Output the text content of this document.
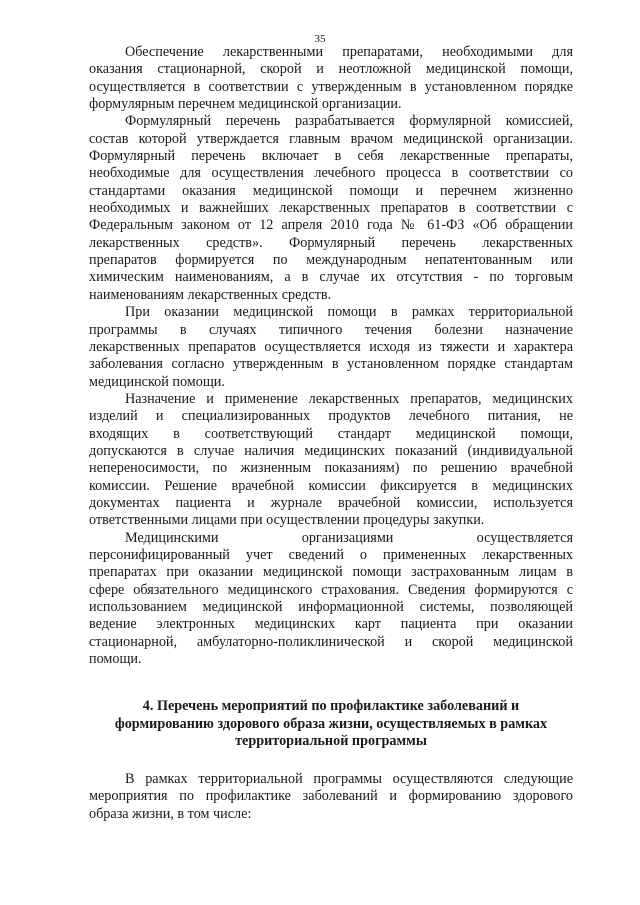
35

Обеспечение лекарственными препаратами, необходимыми для
оказания стационарной, скорой и неотложной медицинской помощи,
осуществляется в соответствии с утвержденным в установленном порядке
формулярным перечнем медицинской организации.

Формулярный перечень разрабатывается формулярной комиссией,
состав которой утверждается главным врачом медицинской организации.
Формулярный перечень включает в себя лекарственные препараты,
необходимые для осуществления лечебного процесса в соответствии со
стандартами оказания медицинской помощи и перечнем жизненно
необходимых и важнейших лекарственных препаратов в соответствии с
Федеральным законом от 12 апреля 2010 года № 61-ФЗ «Об обращении
лекарственных средств». Формулярный перечень лекарственных
препаратов формируется по международным непатентованным или
химическим наименованиям, а в случае их отсутствия - по торговым
наименованиям лекарственных средств.

При оказании медицинской помощи в рамках территориальной
программы в случаях типичного течения болезни назначение
лекарственных препаратов осуществляется исходя из тяжести и характера
заболевания согласно утвержденным в установленном порядке стандартам
медицинской помощи.

Назначение и применение лекарственных препаратов, медицинских
изделий и специализированных продуктов лечебного питания, не
входящих в соответствующий стандарт медицинской помощи,
допускаются в случае наличия медицинских показаний (индивидуальной
непереносимости, по жизненным показаниям) по решению врачебной
комиссии. Решение врачебной комиссии фиксируется в медицинских
документах пациента и журнале врачебной комиссии, используется
ответственными лицами при осуществлении процедуры закупки.

Медицинскими организациями осуществляется
персонифицированный учет сведений о примененных лекарственных
препаратах при оказании медицинской помощи застрахованным лицам в
сфере обязательного медицинского страхования. Сведения формируются с
использованием медицинской информационной системы, позволяющей
ведение электронных медицинских карт пациента при оказании
стационарной, амбулаторно-поликлинической и скорой медицинской
помощи.

4. Перечень мероприятий по профилактике заболеваний и
формированию здорового образа жизни, осуществляемых в рамках
территориальной программы

В рамках территориальной программы осуществляются следующие
мероприятия по профилактике заболеваний и формированию здорового
образа жизни, в том числе:
